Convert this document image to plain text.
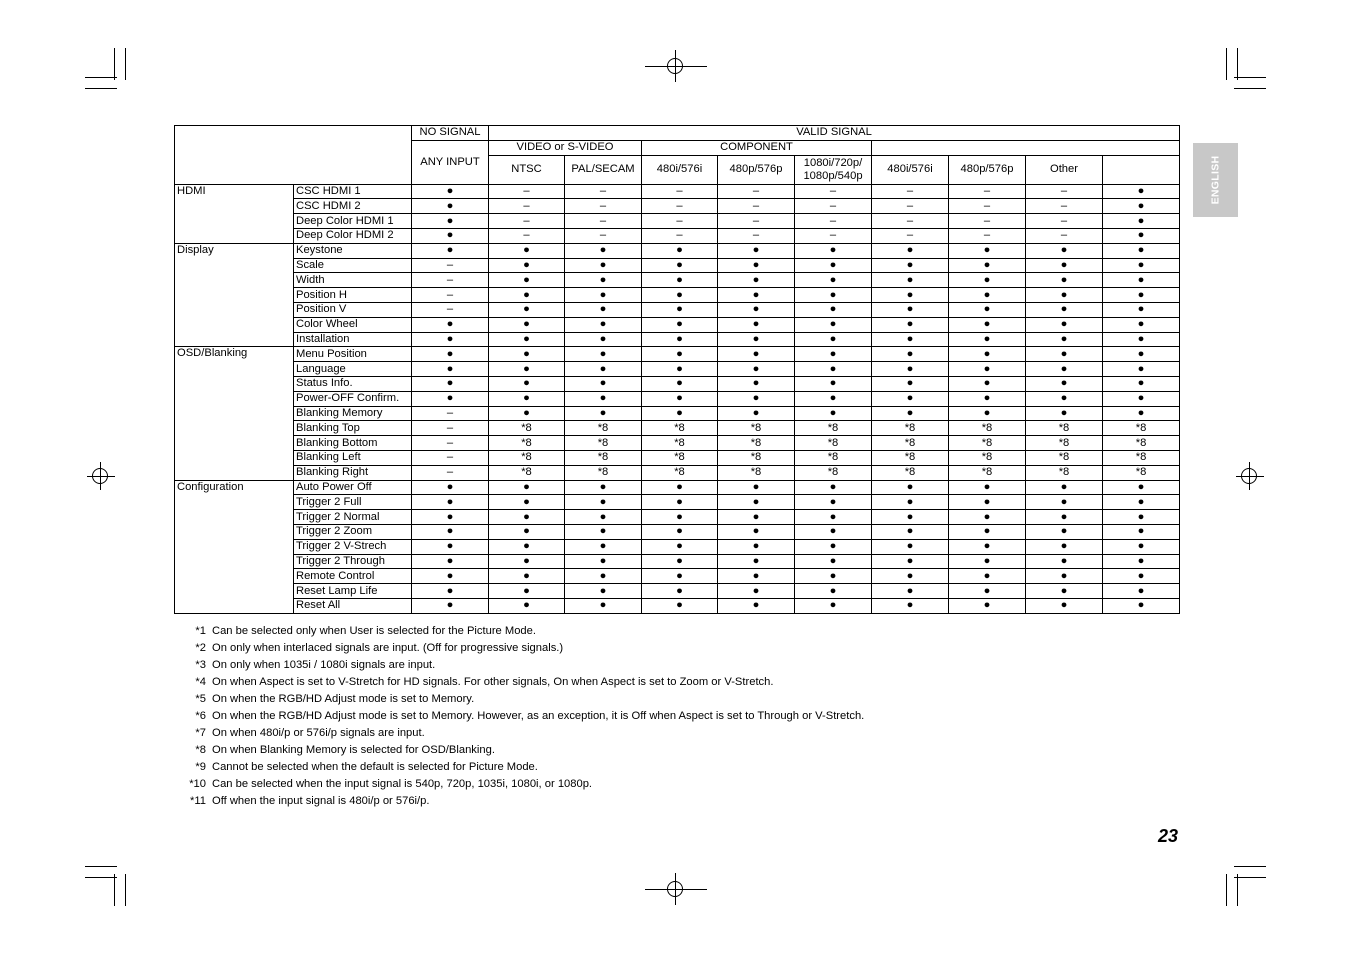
ENGLISH
		NO SIGNAL	VALID SIGNAL								
		ANY INPUT	VIDEO or S-VIDEO		COMPONENT						
			NTSC	PAL/SECAM	480i/576i	480p/576p	1080i/720p/ 1080p/540p	480i/576i	480p/576p	Other	
HDMI	CSC HDMI 1	●	–	–	–	–	–	–	–	–	●
	CSC HDMI 2	●	–	–	–	–	–	–	–	–	●
	Deep Color HDMI 1	●	–	–	–	–	–	–	–	–	●
	Deep Color HDMI 2	●	–	–	–	–	–	–	–	–	●
Display	Keystone	●	●	●	●	●	●	●	●	●	●
	Scale	–	●	●	●	●	●	●	●	●	●
	Width	–	●	●	●	●	●	●	●	●	●
	Position H	–	●	●	●	●	●	●	●	●	●
	Position V	–	●	●	●	●	●	●	●	●	●
	Color Wheel	●	●	●	●	●	●	●	●	●	●
	Installation	●	●	●	●	●	●	●	●	●	●
OSD/Blanking	Menu Position	●	●	●	●	●	●	●	●	●	●
	Language	●	●	●	●	●	●	●	●	●	●
	Status Info.	●	●	●	●	●	●	●	●	●	●
	Power-OFF Confirm.	●	●	●	●	●	●	●	●	●	●
	Blanking Memory	–	●	●	●	●	●	●	●	●	●
	Blanking Top	–	*8	*8	*8	*8	*8	*8	*8	*8	*8
	Blanking Bottom	–	*8	*8	*8	*8	*8	*8	*8	*8	*8
	Blanking Left	–	*8	*8	*8	*8	*8	*8	*8	*8	*8
	Blanking Right	–	*8	*8	*8	*8	*8	*8	*8	*8	*8
Configuration	Auto Power Off	●	●	●	●	●	●	●	●	●	●
	Trigger 2 Full	●	●	●	●	●	●	●	●	●	●
	Trigger 2 Normal	●	●	●	●	●	●	●	●	●	●
	Trigger 2 Zoom	●	●	●	●	●	●	●	●	●	●
	Trigger 2 V-Strech	●	●	●	●	●	●	●	●	●	●
	Trigger 2 Through	●	●	●	●	●	●	●	●	●	●
	Remote Control	●	●	●	●	●	●	●	●	●	●
	Reset Lamp Life	●	●	●	●	●	●	●	●	●	●
	Reset All	●	●	●	●	●	●	●	●	●	●
*1 Can be selected only when User is selected for the Picture Mode.
*2 On only when interlaced signals are input. (Off for progressive signals.)
*3 On only when 1035i / 1080i signals are input.
*4 On when Aspect is set to V-Stretch for HD signals. For other signals, On when Aspect is set to Zoom or V-Stretch.
*5 On when the RGB/HD Adjust mode is set to Memory.
*6 On when the RGB/HD Adjust mode is set to Memory. However, as an exception, it is Off when Aspect is set to Through or V-Stretch.
*7 On when 480i/p or 576i/p signals are input.
*8 On when Blanking Memory is selected for OSD/Blanking.
*9 Cannot be selected when the default is selected for Picture Mode.
*10 Can be selected when the input signal is 540p, 720p, 1035i, 1080i, or 1080p.
*11 Off when the input signal is 480i/p or 576i/p.
23
